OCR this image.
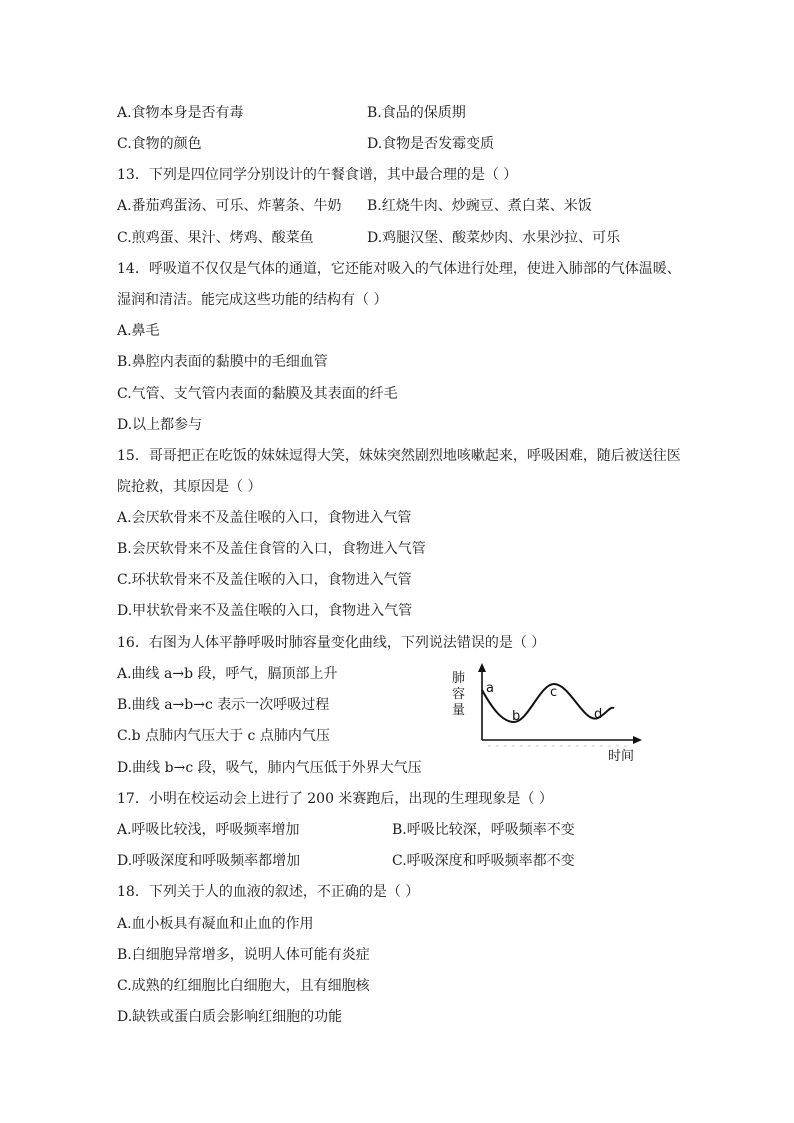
A.食物本身是否有毒	B.食品的保质期
C.食物的颜色	D.食物是否发霉变质
13．下列是四位同学分别设计的午餐食谱，其中最合理的是（ ）
A.番茄鸡蛋汤、可乐、炸薯条、牛奶 B.红烧牛肉、炒豌豆、煮白菜、米饭
C.煎鸡蛋、果汁、烤鸡、酸菜鱼	D.鸡腿汉堡、酸菜炒肉、水果沙拉、可乐
14．呼吸道不仅仅是气体的通道，它还能对吸入的气体进行处理，使进入肺部的气体温暖、
湿润和清洁。能完成这些功能的结构有（ ）
A.鼻毛
B.鼻腔内表面的黏膜中的毛细血管
C.气管、支气管内表面的黏膜及其表面的纤毛
D.以上都参与
15．哥哥把正在吃饭的妹妹逗得大笑，妹妹突然剧烈地咳嗽起来，呼吸困难，随后被送往医
院抢救，其原因是（ ）
A.会厌软骨来不及盖住喉的入口，食物进入气管
B.会厌软骨来不及盖住食管的入口，食物进入气管
C.环状软骨来不及盖住喉的入口，食物进入气管
D.甲状软骨来不及盖住喉的入口，食物进入气管
16．右图为人体平静呼吸时肺容量变化曲线，下列说法错误的是（ ）
A.曲线 a→b 段，呼气，膈顶部上升
B.曲线 a→b→c 表示一次呼吸过程
C.b 点肺内气压大于 c 点肺内气压
D.曲线 b→c 段，吸气，肺内气压低于外界大气压
肺
容
量
a
b
c
d
时间
17．小明在校运动会上进行了 200 米赛跑后，出现的生理现象是（ ）
A.呼吸比较浅，呼吸频率增加	B.呼吸比较深，呼吸频率不变
D.呼吸深度和呼吸频率都增加	C.呼吸深度和呼吸频率都不变
18．下列关于人的血液的叙述，不正确的是（ ）
A.血小板具有凝血和止血的作用
B.白细胞异常增多，说明人体可能有炎症
C.成熟的红细胞比白细胞大，且有细胞核
D.缺铁或蛋白质会影响红细胞的功能
